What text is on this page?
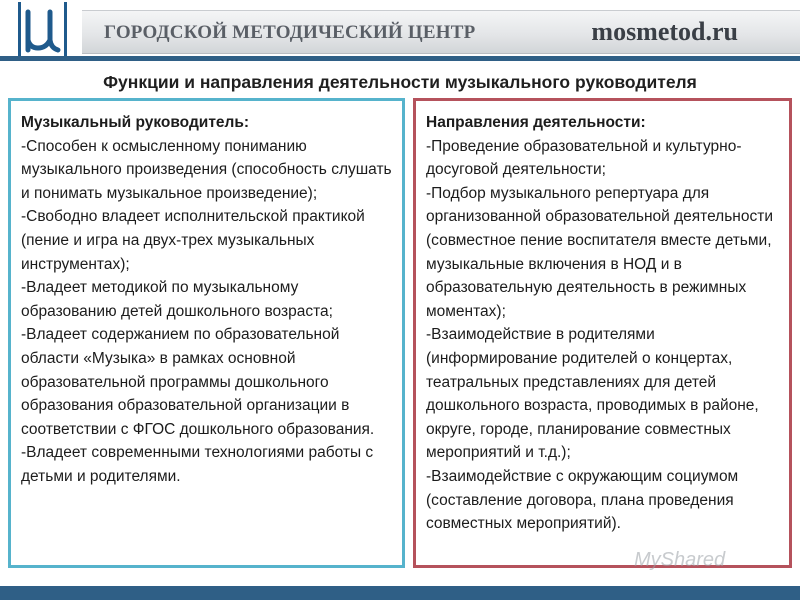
ГОРОДСКОЙ МЕТОДИЧЕСКИЙ ЦЕНТР	mosmetod.ru
Функции и направления деятельности музыкального руководителя
Музыкальный руководитель:
-Способен к осмысленному пониманию музыкального произведения (способность слушать и понимать музыкальное произведение);
-Свободно владеет исполнительской практикой (пение и игра на двух-трех музыкальных инструментах);
-Владеет методикой по музыкальному образованию детей дошкольного возраста;
-Владеет содержанием по образовательной области «Музыка» в рамках основной образовательной программы дошкольного образования образовательной организации в соответствии с ФГОС дошкольного образования.
-Владеет современными технологиями работы с детьми и родителями.
Направления деятельности:
-Проведение образовательной и культурно-досуговой деятельности;
-Подбор музыкального репертуара для организованной образовательной деятельности (совместное пение воспитателя вместе детьми, музыкальные включения в НОД и в образовательную деятельность в режимных моментах);
-Взаимодействие в родителями (информирование родителей о концертах, театральных представлениях для детей дошкольного возраста, проводимых в районе, округе, городе, планирование совместных мероприятий и т.д.);
-Взаимодействие с окружающим социумом (составление договора, плана проведения совместных мероприятий).
MyShared
